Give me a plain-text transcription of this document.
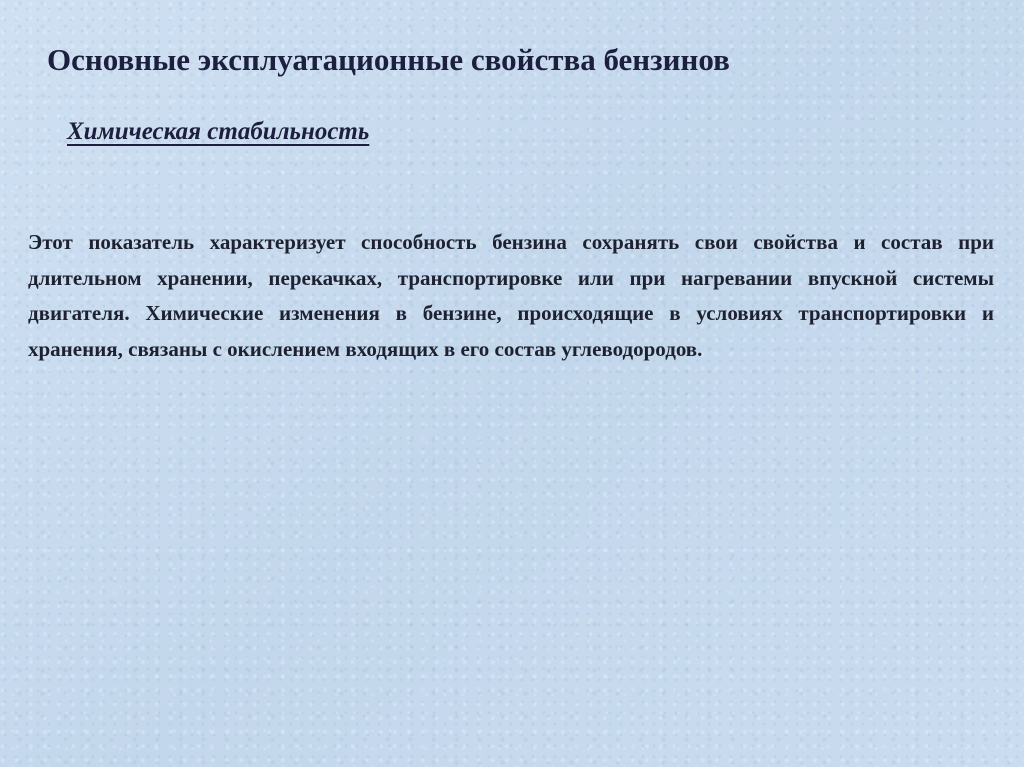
Основные эксплуатационные свойства бензинов
Химическая стабильность

Этот показатель характеризует способность бензина сохранять свои свойства и состав при длительном хранении, перекачках, транспортировке или при нагревании впускной системы двигателя. Химические изменения в бензине, происходящие в условиях транспортировки и хранения, связаны с окислением входящих в его состав углеводородов.
